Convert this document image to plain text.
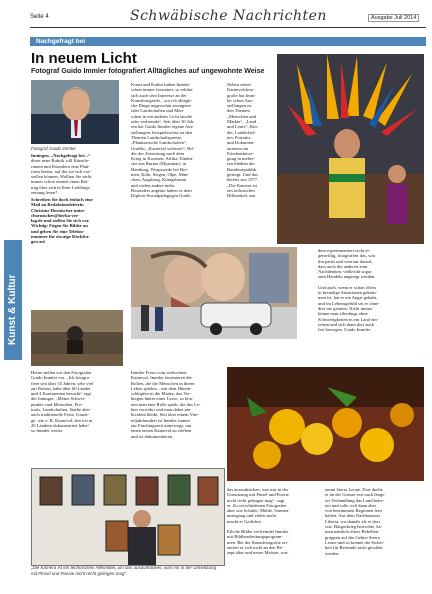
Seite 4	Schwäbische Nachrichten	Ausgabe Juli 2014
Nachgefragt bei
Kunst & Kultur
In neuem Licht
Fotograf Guido Immler fotografiert Alltägliches auf ungewohnte Weise
Fotograf Guido Immler
Inningen. „Nachgefragt bei...“
diese neue Rubrik will Künstle-
rinnen und Künstlern eine Platt-
form bieten, auf der sie sich vor-
stellen können. Wollten Sie nicht
immer schon einmal einen Bei-
trag über sich in Ihrer Lieblings-
zeitung lesen?
Schreiben Sie doch einfach eine
Mail an Redaktionsleiterin
Christine Hornischer unter
chornischer@herba-ver-
lag.de und stellen Sie sich vor.
Wichtig: Fügen Sie Bilder an
und geben Sie eine Telefon-
nummer für etwaige Rückfra-
gen an!
Kunst und Kultur haben Immler
schon immer fasziniert, so erklärt
sich auch sein Interesse an der
Kunstfotografie, „wo ich alltägli-
che Dinge ungewohnt arrangiere
oder Landschaften und Men-
schen in ein anderes Licht tauche
oder verfremde“. Seit über 30 Jah-
ren hat Guido Immler eigene Aus-
stellungen, beispielsweise zu den
Themen Landschaftspoesie,
„Phantastische Landschaften“,
Graffiti, „Karneval weltweit“, Bil-
der der Zerstörung nach dem
Krieg in Kroatien, Afrika, Eindrü-
cke aus Burma (Myanmar), in
Hamburg, Worpswede bei Bre-
men, Köln, Siegen, Olpe, Mün-
chen, Augsburg, Königsbrunn
und vielen andere mehr.
Besonders angetan haben es dem
Diplom-Sozialpädagogen Guido
Neben seiner
Karnevalsfoto-
grafie hat Imm-
ler schon Aus-
stellungen zu
den Themen
„Menschen und
Märkte“, „Land
und Leute“, Kin-
der, Landschaf-
ten, Portraits
und Dokumen-
tationen zur
Friedensbewe-
gung in mehre-
ren Städten der
Bundesrepublik
gezeigt. Und das
bereits seit 1977.
„Die Kamera ist
ein technisches
Hilfsmittel, um
dem experimentiert recht ei-
genwillig, fotografiert das, was
ihn packt und vertraut darauf,
dass auch die anderen zum
Nachdenken, vielleicht sogar
zum Handeln angeregt werden.
Und auch, wenn er schon öfters
in brenzlige Situationen gekom-
men ist, hat er nie Angst gehabt,
und im Lebensgefühl sei er ohne-
dies nie geraten. Nicht immer
könne man allerdings ohne
Schwierigkeiten in ein Land ein-
reisen und sich dann dort auch
frei bewegen. Guido Immler
Heute stellen wir den Fotografen
Guido Immler vor. „Ich fotogra-
fiere seit über 35 Jahren, sehr viel
auf Reisen, habe über 60 Länder
und 4 Kontinenten besucht“ sagt
der Inninger. „Meine Schwer-
punkte sind Menschen, Por-
traits, Landschaften, Stadte aber
auch traditionelle Feste, Umzü-
ge, wie z. B. Karneval, den ich in
20 Ländern dokumentiert habe“
so Immler weiter.
Immler Fotos vom weltweiten
Karneval. Immler faszinieren die
Rollen, die die Menschen in ihrem
Leben spielen – mit dem Hinein-
schlüpfen in die Maske, das Ver-
bergen hinter einer Larve, so kön-
nen man eine Rolle spielt, die das Le-
ben verwehrt und man dabei am-
bivalent bleibt. Seit über einem Vier-
teljahrhundert ist Immler immer
zur Faschingszeit unterwegs, um
einen neuen Karneval zu erleben
und zu dokumentieren.
„Die Kamera ist ein technisches Hilfsmittel, um das auszudrücken, was mir in der Umsetzung mit Pinsel und Poesie nicht recht gelingen mag“.
das auszudrücken, was mir in der
Umsetzung mit Pinsel und Poesie
nicht recht gelingen mag“, sagt
er. Zu verschiedenen Fotografen
aber wie Schäfer, Mühle, Sonnen-
untergang und vielen mehr
macht er Gedichte.
Etliche Bilder verfremdet Immler
mit Bildbearbeitungsprogram-
men. Bei der Kunstfotografie ori-
entiert er sich nicht an den Re-
zept alter und neuer Meister, son-
nennt Sierra Leone. Dort durfte
er an der Grenze erst nach länge-
rer Verhandlung das Land betre-
ten und solle sich dann aber
von bestimmten Regionen fern
halten. Aus dem Nachbarstaat
Liberia, wo damals als er dort
war, Bürgerkrieg herrschte, ka-
men nämlich öfters Rebellen-
gruppen auf das Gebiet Sierra
Leone und so konnte die Sicher-
heit für Reisende nicht gewährt
werden.
